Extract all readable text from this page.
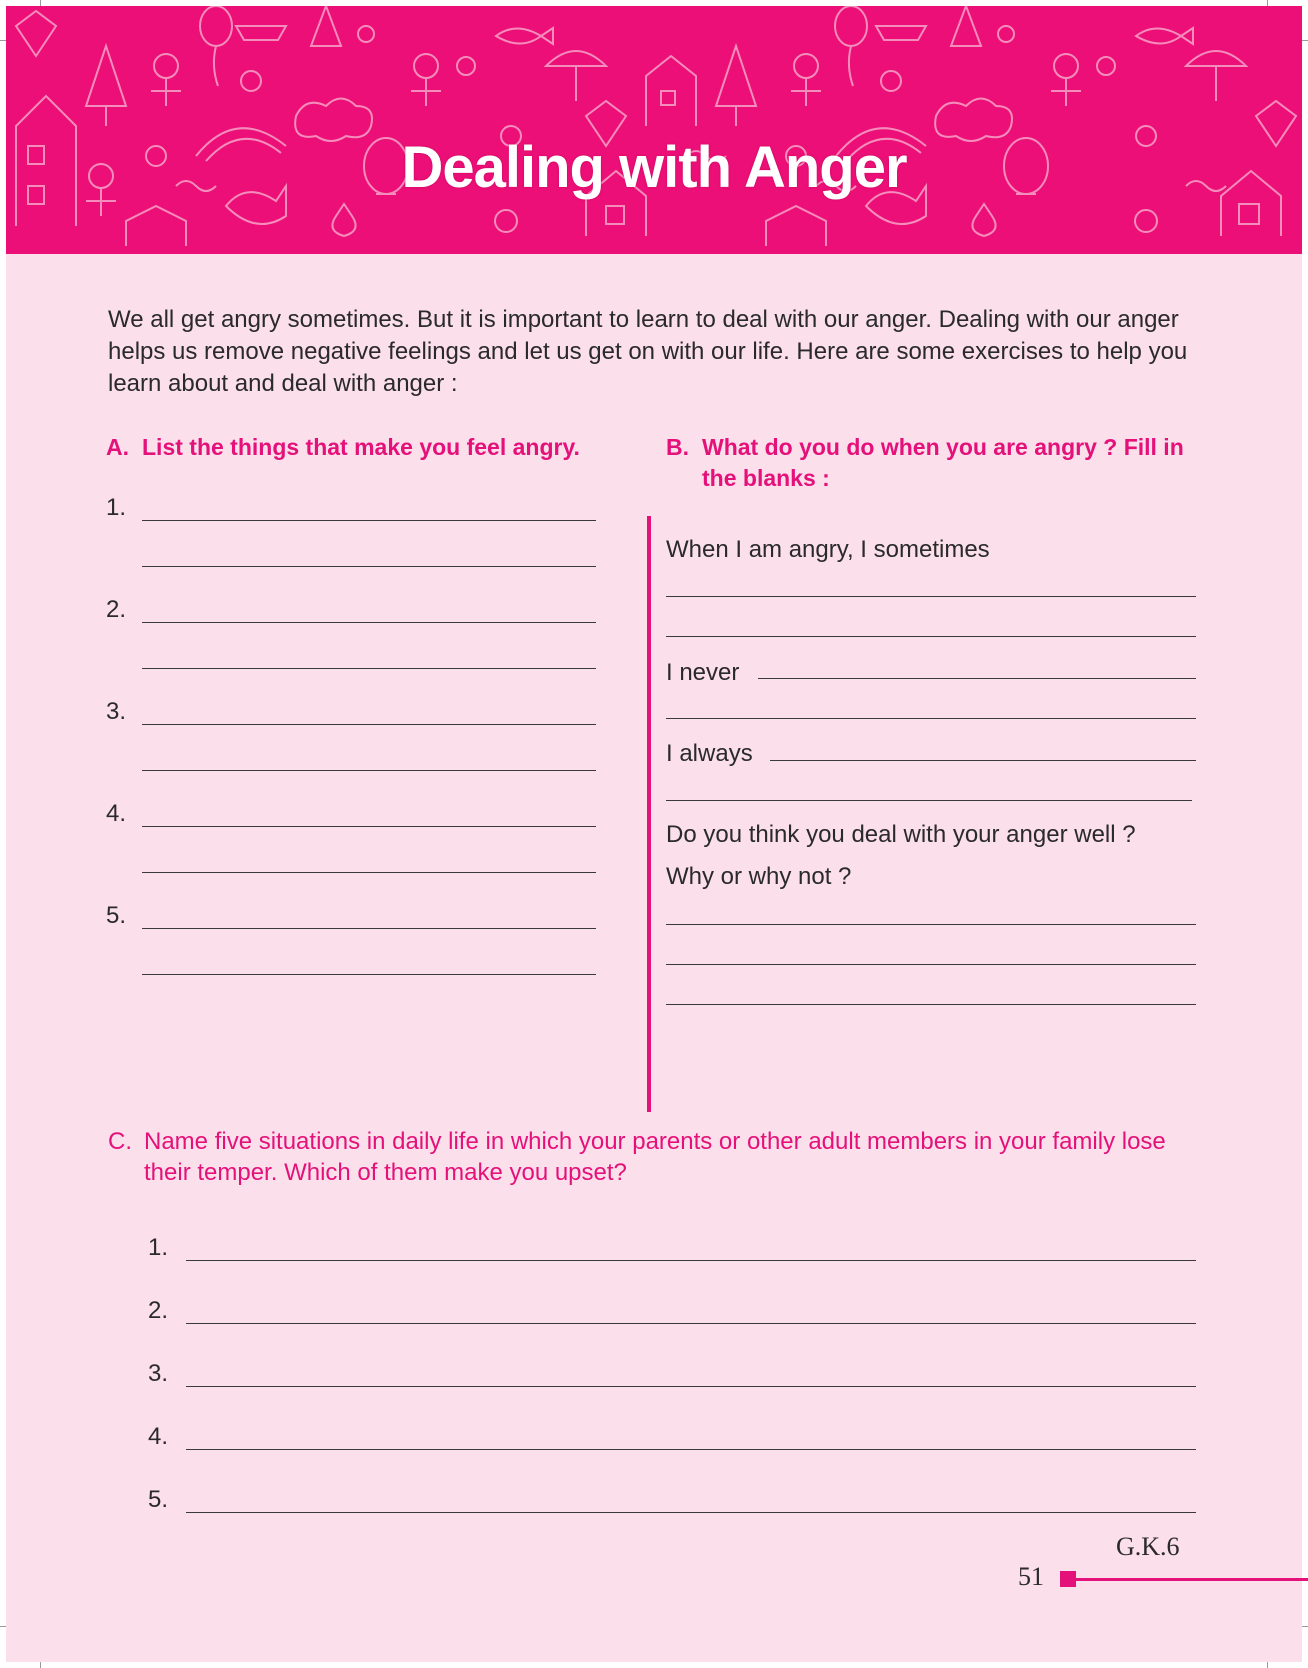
Dealing with Anger
We all get angry sometimes. But it is important to learn to deal with our anger. Dealing with our anger helps us remove negative feelings and let us get on with our life. Here are some exercises to help you learn about and deal with anger :
A. List the things that make you feel angry.
1.
2.
3.
4.
5.
B. What do you do when you are angry ? Fill in the blanks :
When I am angry, I sometimes
I never
I always
Do you think you deal with your anger well ?
Why or why not ?
C. Name five situations in daily life in which your parents or other adult members in your family lose their temper. Which of them make you upset?
1.
2.
3.
4.
5.
G.K.6
51
